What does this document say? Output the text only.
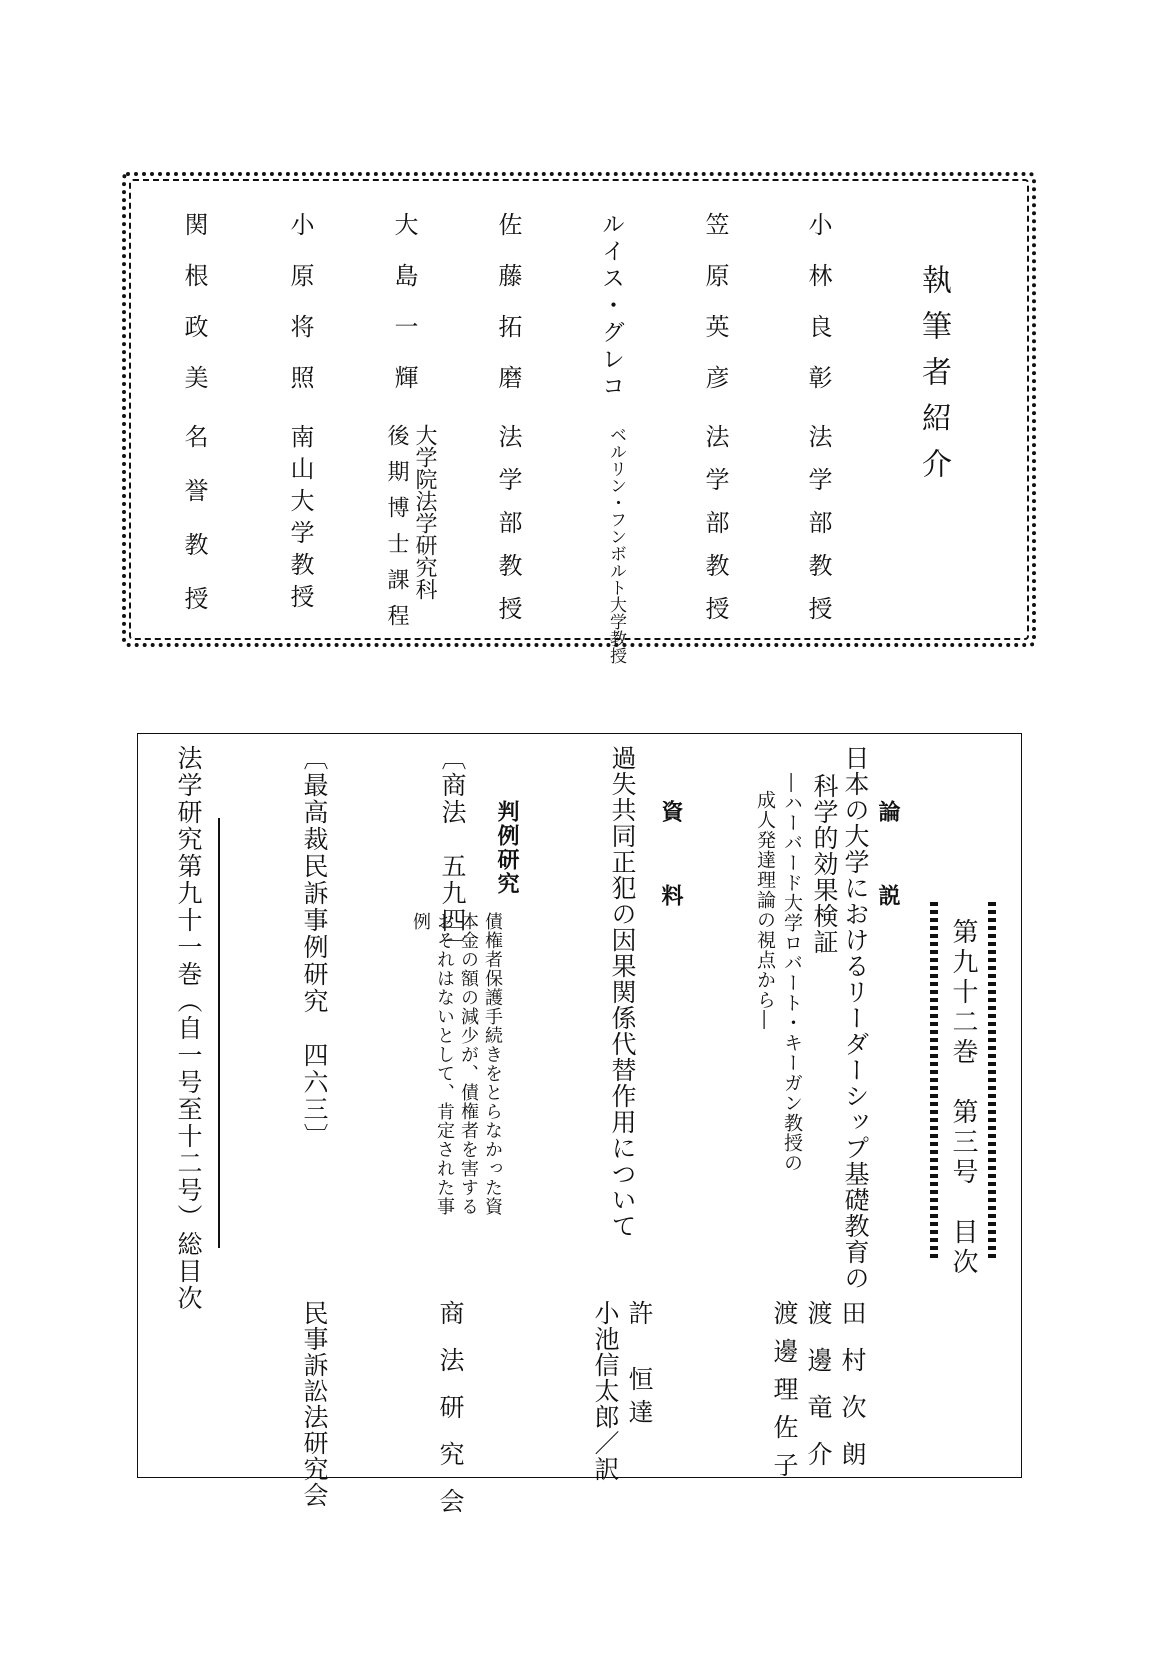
執筆者紹介
小林良彰
法学部教授
笠原英彦
法学部教授
ルイス・グレコ
ベルリン・フンボルト大学教授
佐藤拓磨
法学部教授
大島一輝
大学院法学研究科
後期博士課程
小原将照
南山大学教授
関根政美
名誉教授
第九十二巻　第三号　目次
論　説
日本の大学におけるリーダーシップ基礎教育の
科学的効果検証
―ハーバード大学ロバート・キーガン教授の
成人発達理論の視点から―
田村次朗
渡邊竜介
渡邊理佐子
資　料
過失共同正犯の因果関係代替作用について
許　恒達
小池信太郎／訳
判例研究
〔商法　五九四〕
債権者保護手続きをとらなかった資
本金の額の減少が、債権者を害する
おそれはないとして、肯定された事
例
商法研究会
〔最高裁民訴事例研究　四六三〕
民事訴訟法研究会
法学研究第九十一巻（自一号至十二号）総目次
